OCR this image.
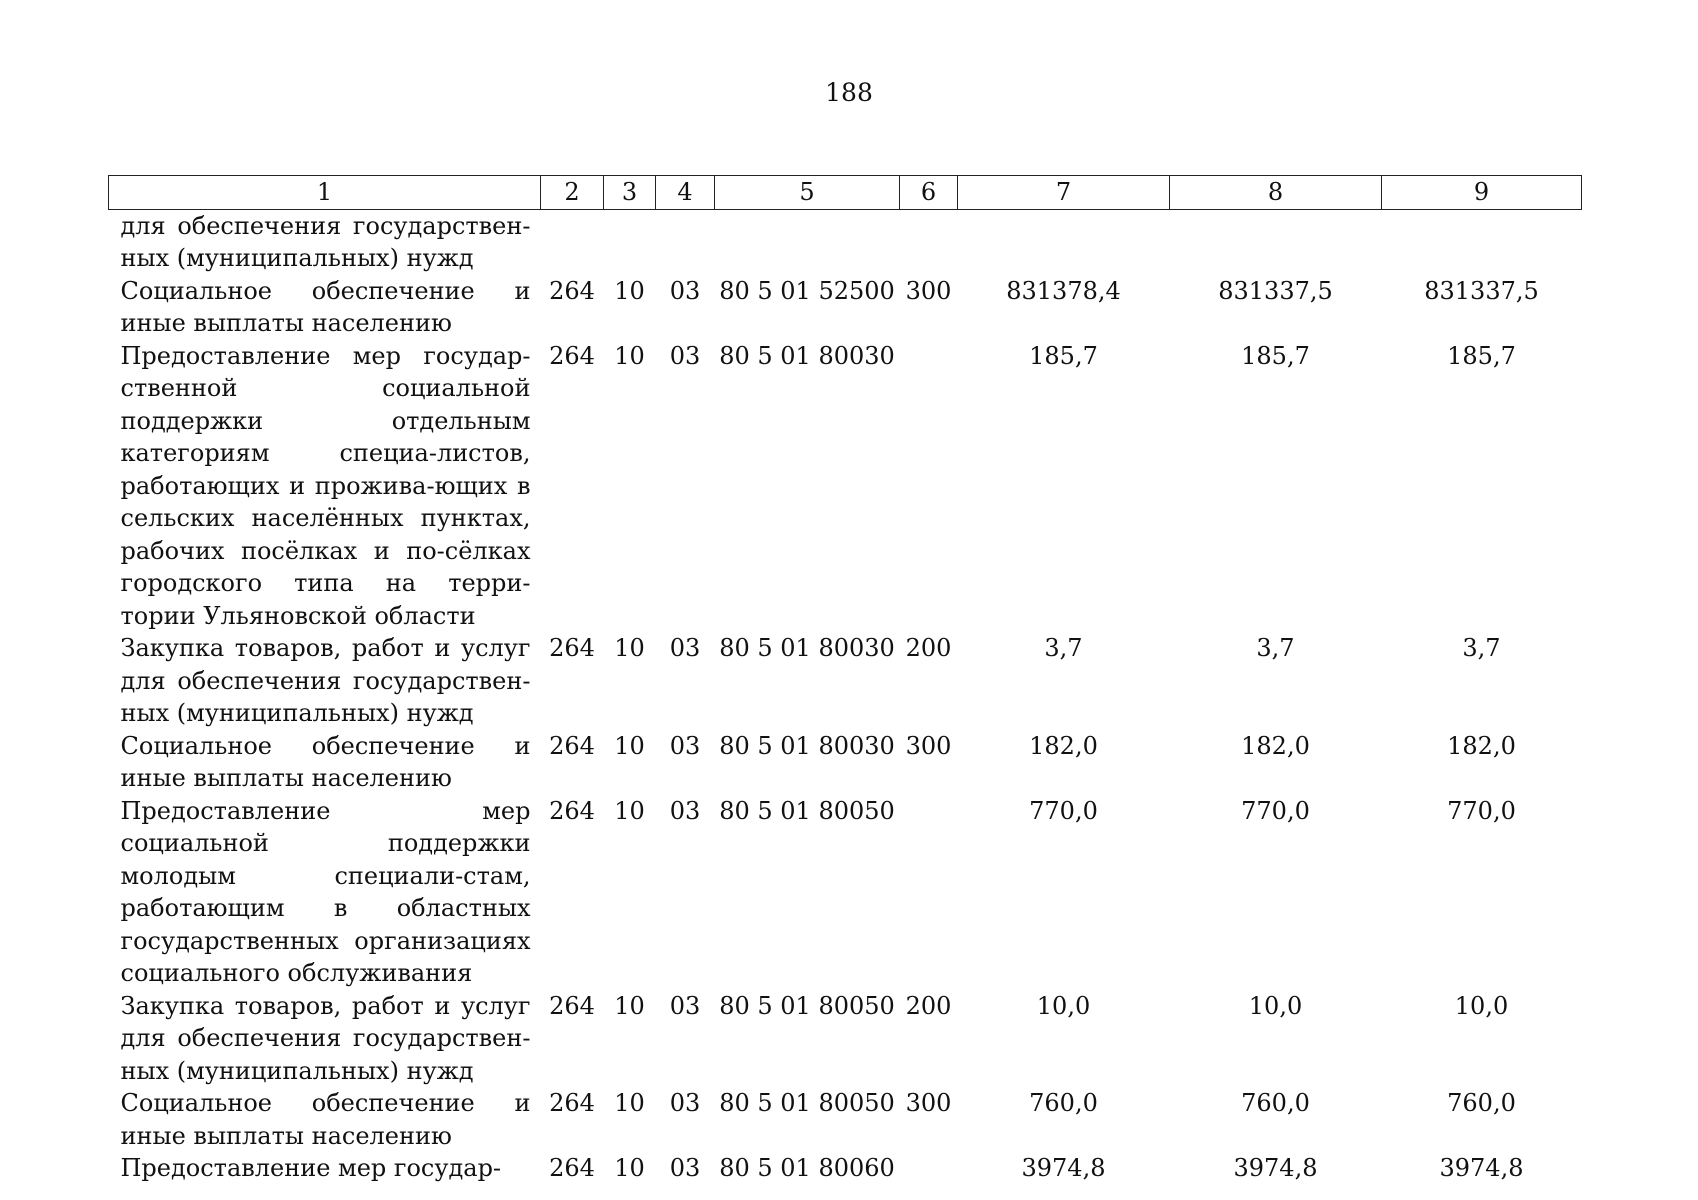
188
1	2	3	4	5	6	7	8	9
для обеспечения государствен-ных (муниципальных) нужд								
Социальное обеспечение и иные выплаты населению	264	10	03	80 5 01 52500	300	831378,4	831337,5	831337,5
Предоставление мер государ-ственной социальной поддержки отдельным категориям специа-листов, работающих и прожива-ющих в сельских населённых пунктах, рабочих посёлках и по-сёлках городского типа на терри-тории Ульяновской области	264	10	03	80 5 01 80030		185,7	185,7	185,7
Закупка товаров, работ и услуг для обеспечения государствен-ных (муниципальных) нужд	264	10	03	80 5 01 80030	200	3,7	3,7	3,7
Социальное обеспечение и иные выплаты населению	264	10	03	80 5 01 80030	300	182,0	182,0	182,0
Предоставление мер социальной поддержки молодым специали-стам, работающим в областных государственных организациях социального обслуживания	264	10	03	80 5 01 80050		770,0	770,0	770,0
Закупка товаров, работ и услуг для обеспечения государствен-ных (муниципальных) нужд	264	10	03	80 5 01 80050	200	10,0	10,0	10,0
Социальное обеспечение и иные выплаты населению	264	10	03	80 5 01 80050	300	760,0	760,0	760,0
Предоставление мер государ-	264	10	03	80 5 01 80060		3974,8	3974,8	3974,8
